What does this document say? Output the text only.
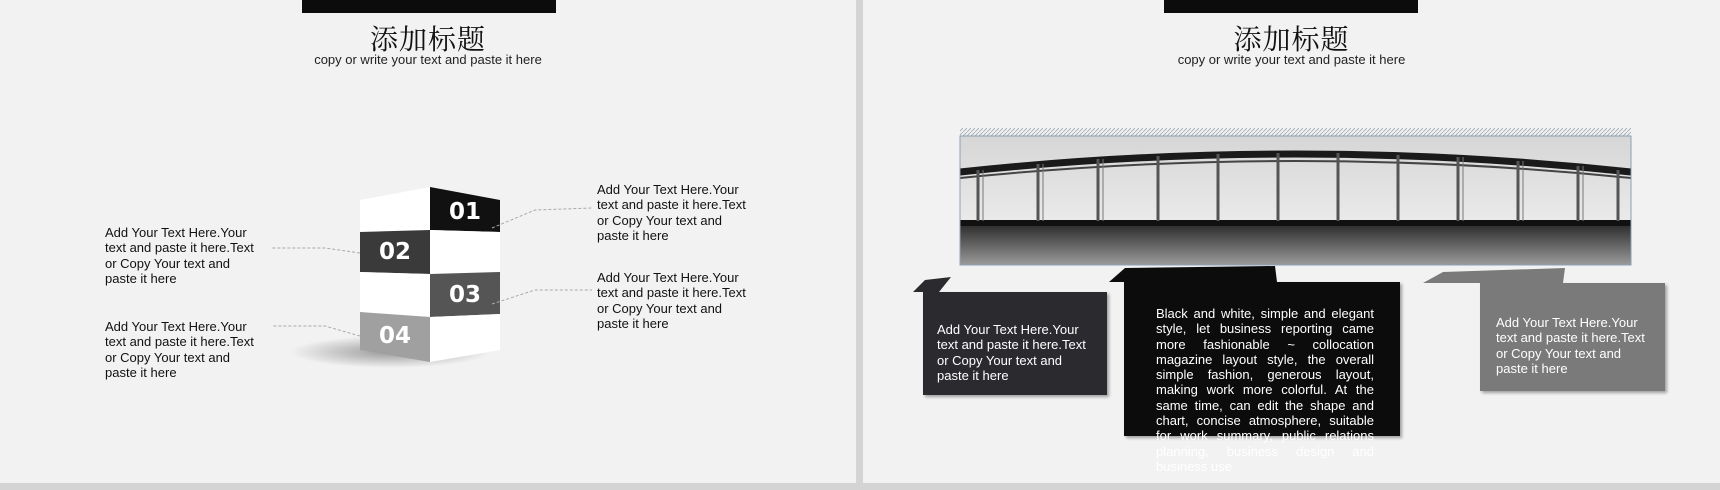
添加标题
copy or write your text and paste it here
01
02
03
04
Add Your Text Here.Your text and paste it here.Text or Copy Your text and paste it here
Add Your Text Here.Your text and paste it here.Text or Copy Your text and paste it here	Add Your Text Here.Your text and paste it here.Text or Copy Your text and paste it here
Add Your Text Here.Your text and paste it here.Text or Copy Your text and paste it here
添加标题
copy or write your text and paste it here
Add Your Text Here.Your text and paste it here.Text or Copy Your text and paste it here
Black and white, simple and elegant style, let business reporting came more fashionable ~ collocation magazine layout style, the overall simple fashion, generous layout, making work more colorful. At the same time, can edit the shape and chart, concise atmosphere, suitable for work summary, public relations planning, business design and business use
Add Your Text Here.Your text and paste it here.Text or Copy Your text and paste it here
